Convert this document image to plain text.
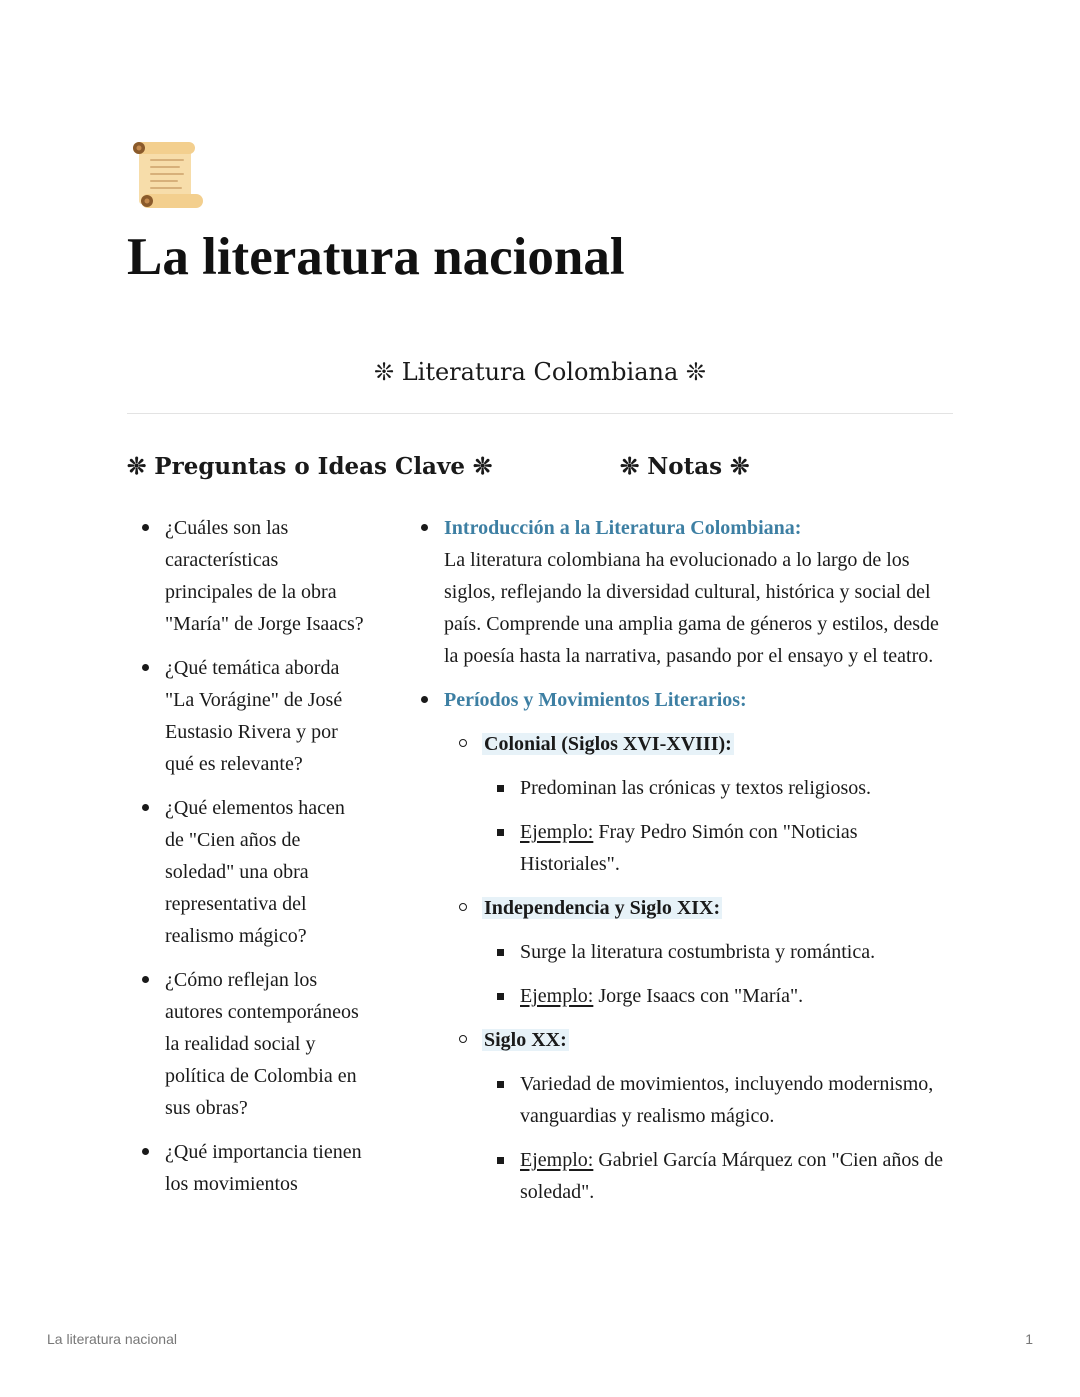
La literatura nacional
❊ Literatura Colombiana ❊
❊ Preguntas o Ideas Clave ❊
¿Cuáles son las características principales de la obra "María" de Jorge Isaacs?
¿Qué temática aborda "La Vorágine" de José Eustasio Rivera y por qué es relevante?
¿Qué elementos hacen de "Cien años de soledad" una obra representativa del realismo mágico?
¿Cómo reflejan los autores contemporáneos la realidad social y política de Colombia en sus obras?
¿Qué importancia tienen los movimientos
❊ Notas ❊
Introducción a la Literatura Colombiana:
La literatura colombiana ha evolucionado a lo largo de los siglos, reflejando la diversidad cultural, histórica y social del país. Comprende una amplia gama de géneros y estilos, desde la poesía hasta la narrativa, pasando por el ensayo y el teatro.
Períodos y Movimientos Literarios:
Colonial (Siglos XVI-XVIII):
Predominan las crónicas y textos religiosos.
Ejemplo: Fray Pedro Simón con "Noticias Historiales".
Independencia y Siglo XIX:
Surge la literatura costumbrista y romántica.
Ejemplo: Jorge Isaacs con "María".
Siglo XX:
Variedad de movimientos, incluyendo modernismo, vanguardias y realismo mágico.
Ejemplo: Gabriel García Márquez con "Cien años de soledad".
La literatura nacional	1
